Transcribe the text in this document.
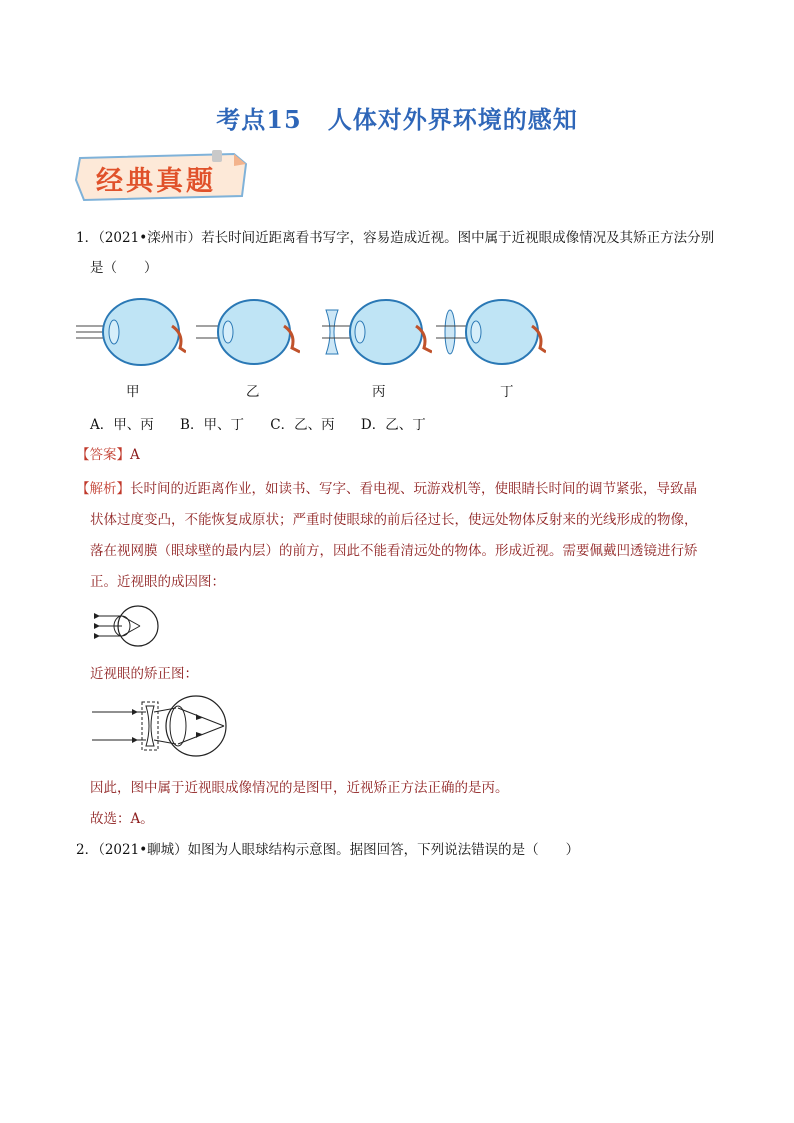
考点15 人体对外界环境的感知
经典真题
1．（2021•滦州市）若长时间近距离看书写字，容易造成近视。图中属于近视眼成像情况及其矫正方法分别
是（　　）
甲	乙	丙	丁
A．甲、丙 B．甲、丁 C．乙、丙 D．乙、丁
【答案】A
【解析】长时间的近距离作业，如读书、写字、看电视、玩游戏机等，使眼睛长时间的调节紧张，导致晶
状体过度变凸，不能恢复成原状；严重时使眼球的前后径过长，使远处物体反射来的光线形成的物像，
落在视网膜（眼球壁的最内层）的前方，因此不能看清远处的物体。形成近视。需要佩戴凹透镜进行矫
正。近视眼的成因图：
近视眼的矫正图：
因此，图中属于近视眼成像情况的是图甲，近视矫正方法正确的是丙。
故选：A。
2．（2021•聊城）如图为人眼球结构示意图。据图回答，下列说法错误的是（　　）
